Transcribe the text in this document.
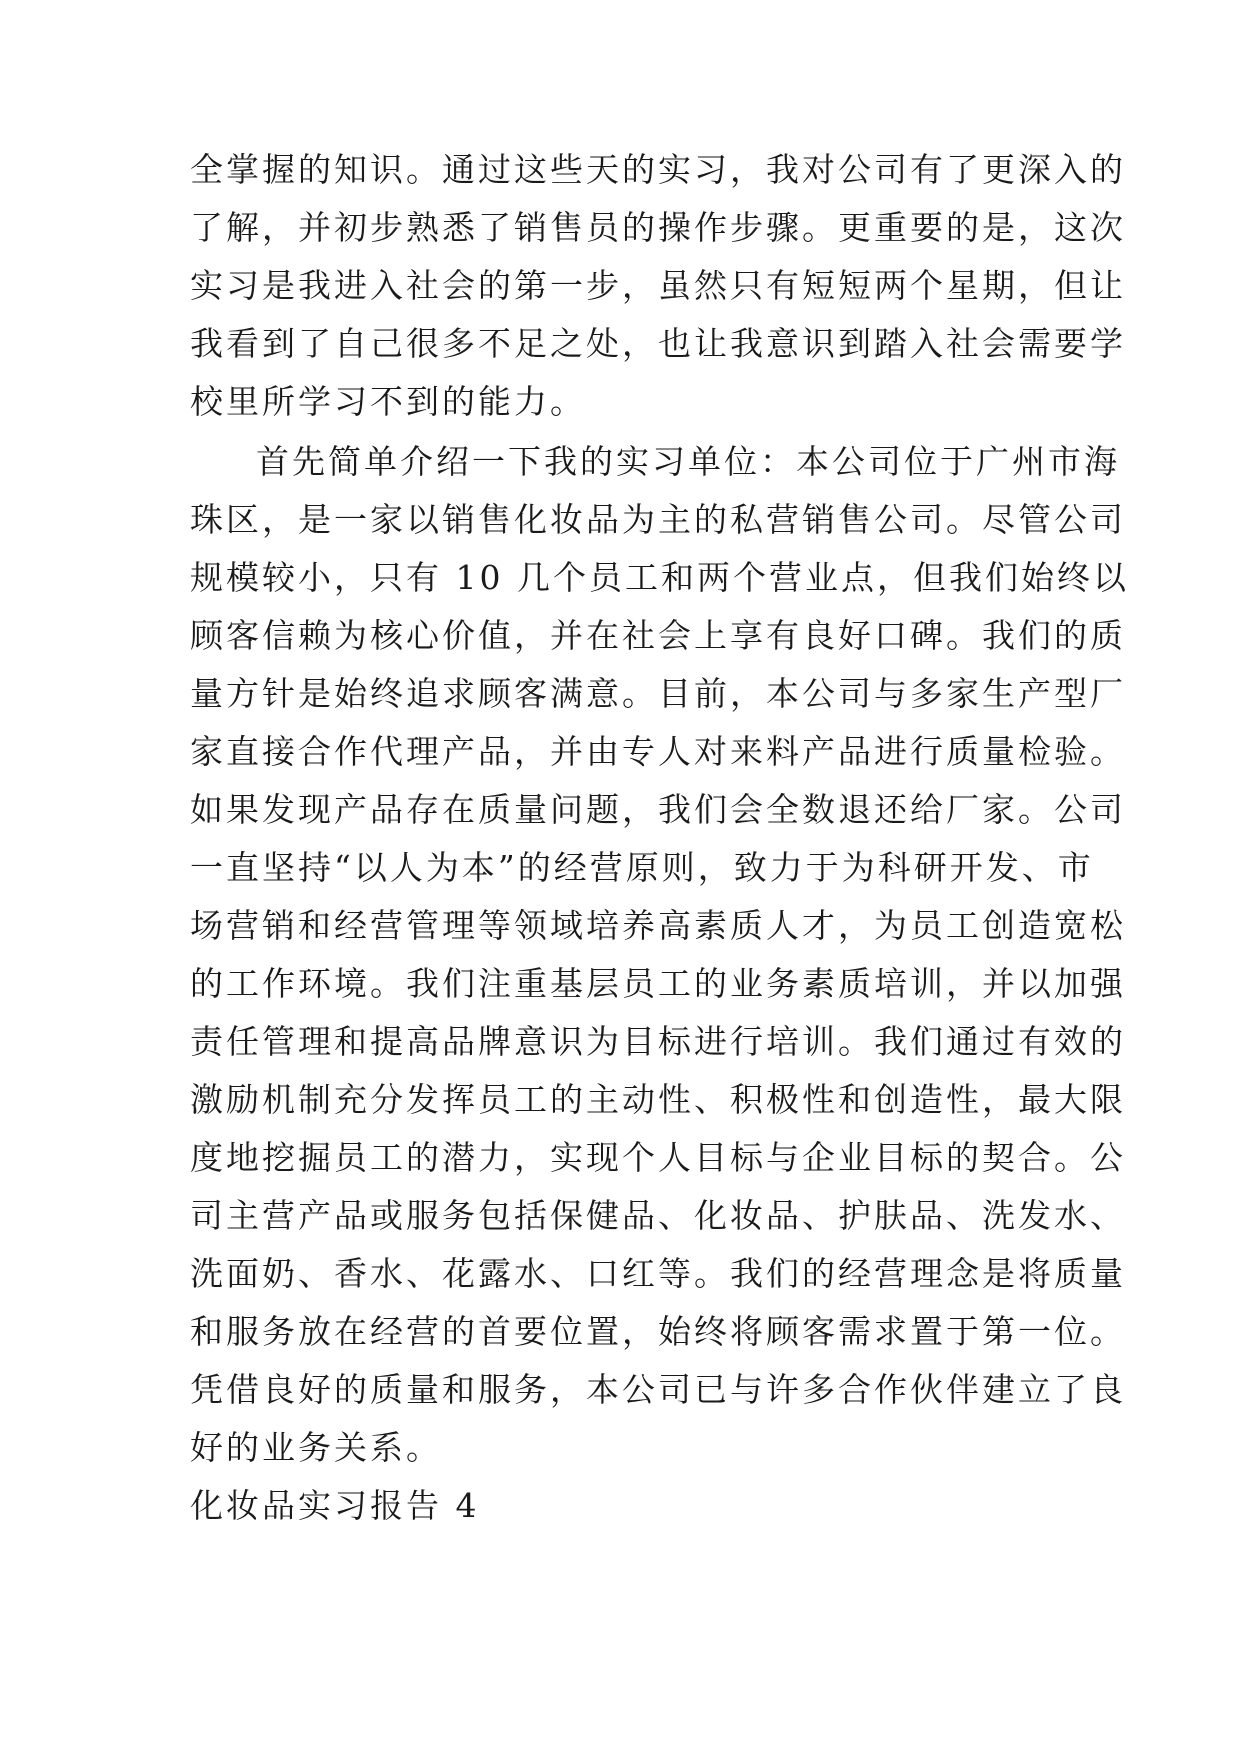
全掌握的知识。通过这些天的实习，我对公司有了更深入的
了解，并初步熟悉了销售员的操作步骤。更重要的是，这次
实习是我进入社会的第一步，虽然只有短短两个星期，但让
我看到了自己很多不足之处，也让我意识到踏入社会需要学
校里所学习不到的能力。
首先简单介绍一下我的实习单位：本公司位于广州市海
珠区，是一家以销售化妆品为主的私营销售公司。尽管公司
规模较小，只有 10 几个员工和两个营业点，但我们始终以
顾客信赖为核心价值，并在社会上享有良好口碑。我们的质
量方针是始终追求顾客满意。目前，本公司与多家生产型厂
家直接合作代理产品，并由专人对来料产品进行质量检验。
如果发现产品存在质量问题，我们会全数退还给厂家。公司
一直坚持“以人为本”的经营原则，致力于为科研开发、市
场营销和经营管理等领域培养高素质人才，为员工创造宽松
的工作环境。我们注重基层员工的业务素质培训，并以加强
责任管理和提高品牌意识为目标进行培训。我们通过有效的
激励机制充分发挥员工的主动性、积极性和创造性，最大限
度地挖掘员工的潜力，实现个人目标与企业目标的契合。公
司主营产品或服务包括保健品、化妆品、护肤品、洗发水、
洗面奶、香水、花露水、口红等。我们的经营理念是将质量
和服务放在经营的首要位置，始终将顾客需求置于第一位。
凭借良好的质量和服务，本公司已与许多合作伙伴建立了良
好的业务关系。
化妆品实习报告 4
